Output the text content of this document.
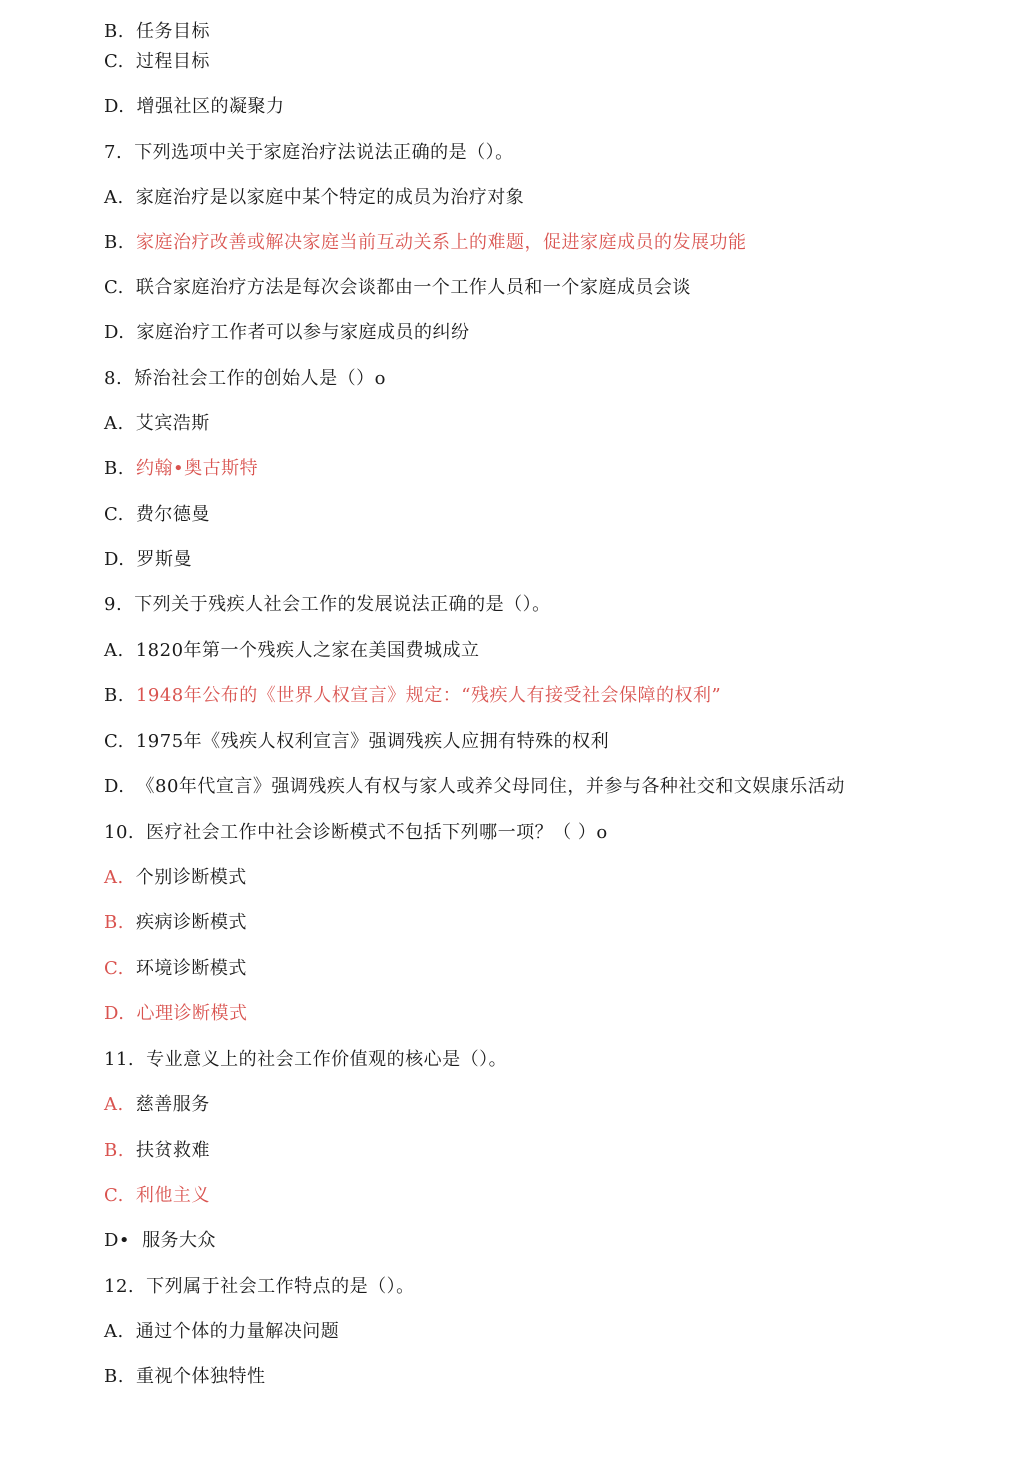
B. 任务目标
C. 过程目标
D. 增强社区的凝聚力
7. 下列选项中关于家庭治疗法说法正确的是（）。
A. 家庭治疗是以家庭中某个特定的成员为治疗对象
B. 家庭治疗改善或解决家庭当前互动关系上的难题，促进家庭成员的发展功能
C. 联合家庭治疗方法是每次会谈都由一个工作人员和一个家庭成员会谈
D. 家庭治疗工作者可以参与家庭成员的纠纷
8. 矫治社会工作的创始人是（）o
A. 艾宾浩斯
B. 约翰•奥古斯特
C. 费尔德曼
D. 罗斯曼
9. 下列关于残疾人社会工作的发展说法正确的是（）。
A. 1820年第一个残疾人之家在美国费城成立
B. 1948年公布的《世界人权宣言》规定：“残疾人有接受社会保障的权利”
C. 1975年《残疾人权利宣言》强调残疾人应拥有特殊的权利
D. 《80年代宣言》强调残疾人有权与家人或养父母同住，并参与各种社交和文娱康乐活动
10. 医疗社会工作中社会诊断模式不包括下列哪一项？（ ）o
A. 个别诊断模式
B. 疾病诊断模式
C. 环境诊断模式
D. 心理诊断模式
11. 专业意义上的社会工作价值观的核心是（）。
A. 慈善服务
B. 扶贫救难
C. 利他主义
D• 服务大众
12. 下列属于社会工作特点的是（）。
A. 通过个体的力量解决问题
B. 重视个体独特性
